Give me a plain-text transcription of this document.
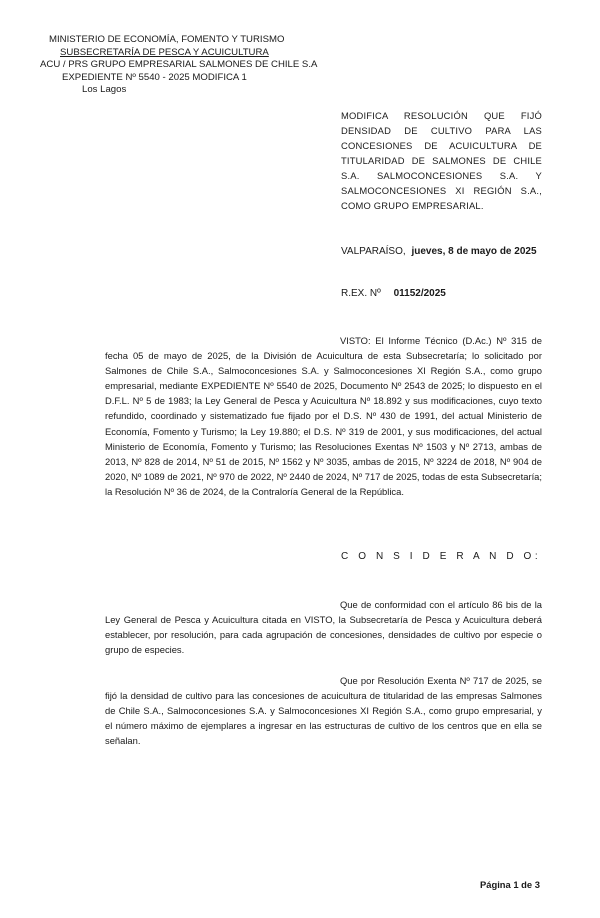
MINISTERIO DE ECONOMÍA, FOMENTO Y TURISMO
SUBSECRETARÍA DE PESCA Y ACUICULTURA
ACU / PRS GRUPO EMPRESARIAL SALMONES DE CHILE S.A
EXPEDIENTE Nº 5540 - 2025 MODIFICA 1
Los Lagos
MODIFICA RESOLUCIÓN QUE FIJÓ DENSIDAD DE CULTIVO PARA LAS CONCESIONES DE ACUICULTURA DE TITULARIDAD DE SALMONES DE CHILE S.A. SALMOCONCESIONES S.A. Y SALMOCONCESIONES XI REGIÓN S.A., COMO GRUPO EMPRESARIAL.
VALPARAÍSO, jueves, 8 de mayo de 2025
R.EX. Nº 01152/2025
VISTO: El Informe Técnico (D.Ac.) Nº 315 de fecha 05 de mayo de 2025, de la División de Acuicultura de esta Subsecretaría; lo solicitado por Salmones de Chile S.A., Salmoconcesiones S.A. y Salmoconcesiones XI Región S.A., como grupo empresarial, mediante EXPEDIENTE Nº 5540 de 2025, Documento Nº 2543 de 2025; lo dispuesto en el D.F.L. Nº 5 de 1983; la Ley General de Pesca y Acuicultura Nº 18.892 y sus modificaciones, cuyo texto refundido, coordinado y sistematizado fue fijado por el D.S. Nº 430 de 1991, del actual Ministerio de Economía, Fomento y Turismo; la Ley 19.880; el D.S. Nº 319 de 2001, y sus modificaciones, del actual Ministerio de Economía, Fomento y Turismo; las Resoluciones Exentas Nº 1503 y Nº 2713, ambas de 2013, Nº 828 de 2014, Nº 51 de 2015, Nº 1562 y Nº 3035, ambas de 2015, Nº 3224 de 2018, Nº 904 de 2020, Nº 1089 de 2021, Nº 970 de 2022, Nº 2440 de 2024, Nº 717 de 2025, todas de esta Subsecretaría; la Resolución Nº 36 de 2024, de la Contraloría General de la República.
C O N S I D E R A N D O:
Que de conformidad con el artículo 86 bis de la Ley General de Pesca y Acuicultura citada en VISTO, la Subsecretaría de Pesca y Acuicultura deberá establecer, por resolución, para cada agrupación de concesiones, densidades de cultivo por especie o grupo de especies.
Que por Resolución Exenta Nº 717 de 2025, se fijó la densidad de cultivo para las concesiones de acuicultura de titularidad de las empresas Salmones de Chile S.A., Salmoconcesiones S.A. y Salmoconcesiones XI Región S.A., como grupo empresarial, y el número máximo de ejemplares a ingresar en las estructuras de cultivo de los centros que en ella se señalan.
Página 1 de 3
